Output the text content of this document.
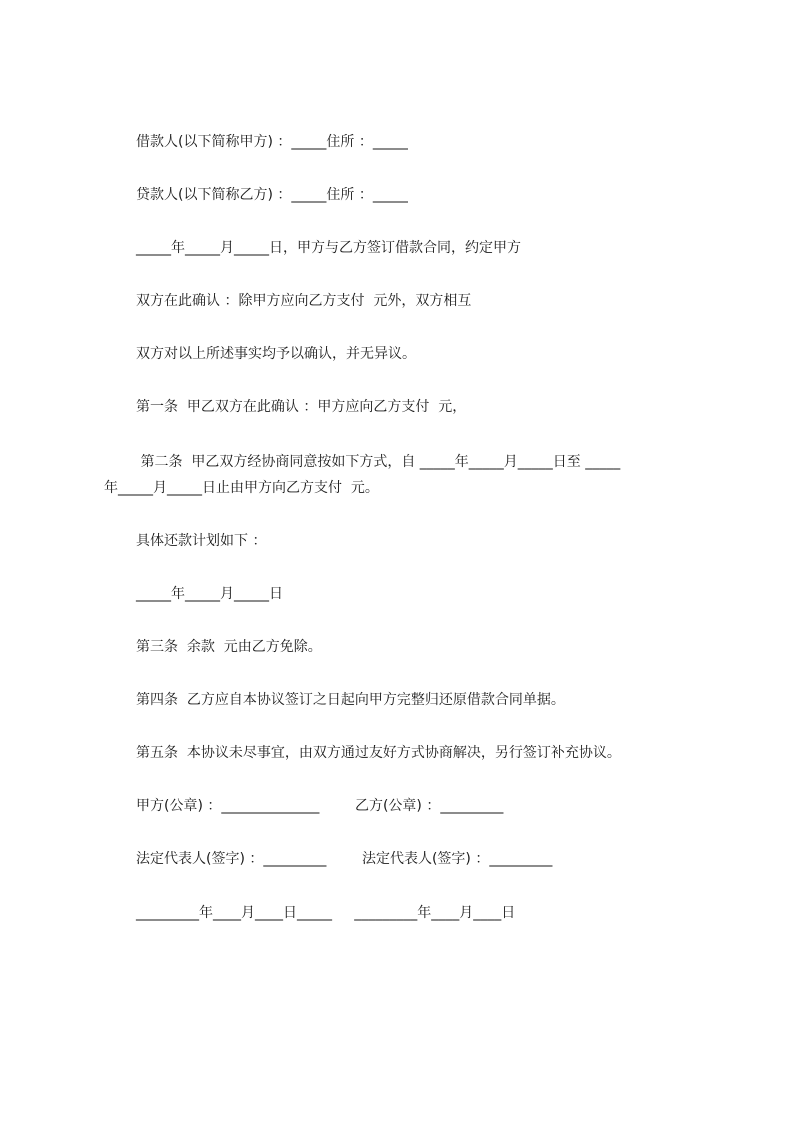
借款人(以下简称甲方) ：_____住所 ：_____

贷款人(以下简称乙方) ：_____住所 ：_____

_____年_____月_____日，甲方与乙方签订借款合同，约定甲方

双方在此确认 ：除甲方应向乙方支付  元外，双方相互

双方对以上所述事实均予以确认，并无异议。

第一条  甲乙双方在此确认 ：甲方应向乙方支付  元，

第二条  甲乙双方经协商同意按如下方式，自 _____年_____月_____日至 _____

年_____月_____日止由甲方向乙方支付  元。

具体还款计划如下 ：

_____年_____月_____日

第三条  余款  元由乙方免除。

第四条  乙方应自本协议签订之日起向甲方完整归还原借款合同单据。

第五条  本协议未尽事宜，由双方通过友好方式协商解决，另行签订补充协议。

甲方(公章) ：______________        乙方(公章) ：_________

法定代表人(签字) ：_________        法定代表人(签字) ：_________

_________年____月____日_____     _________年____月____日
